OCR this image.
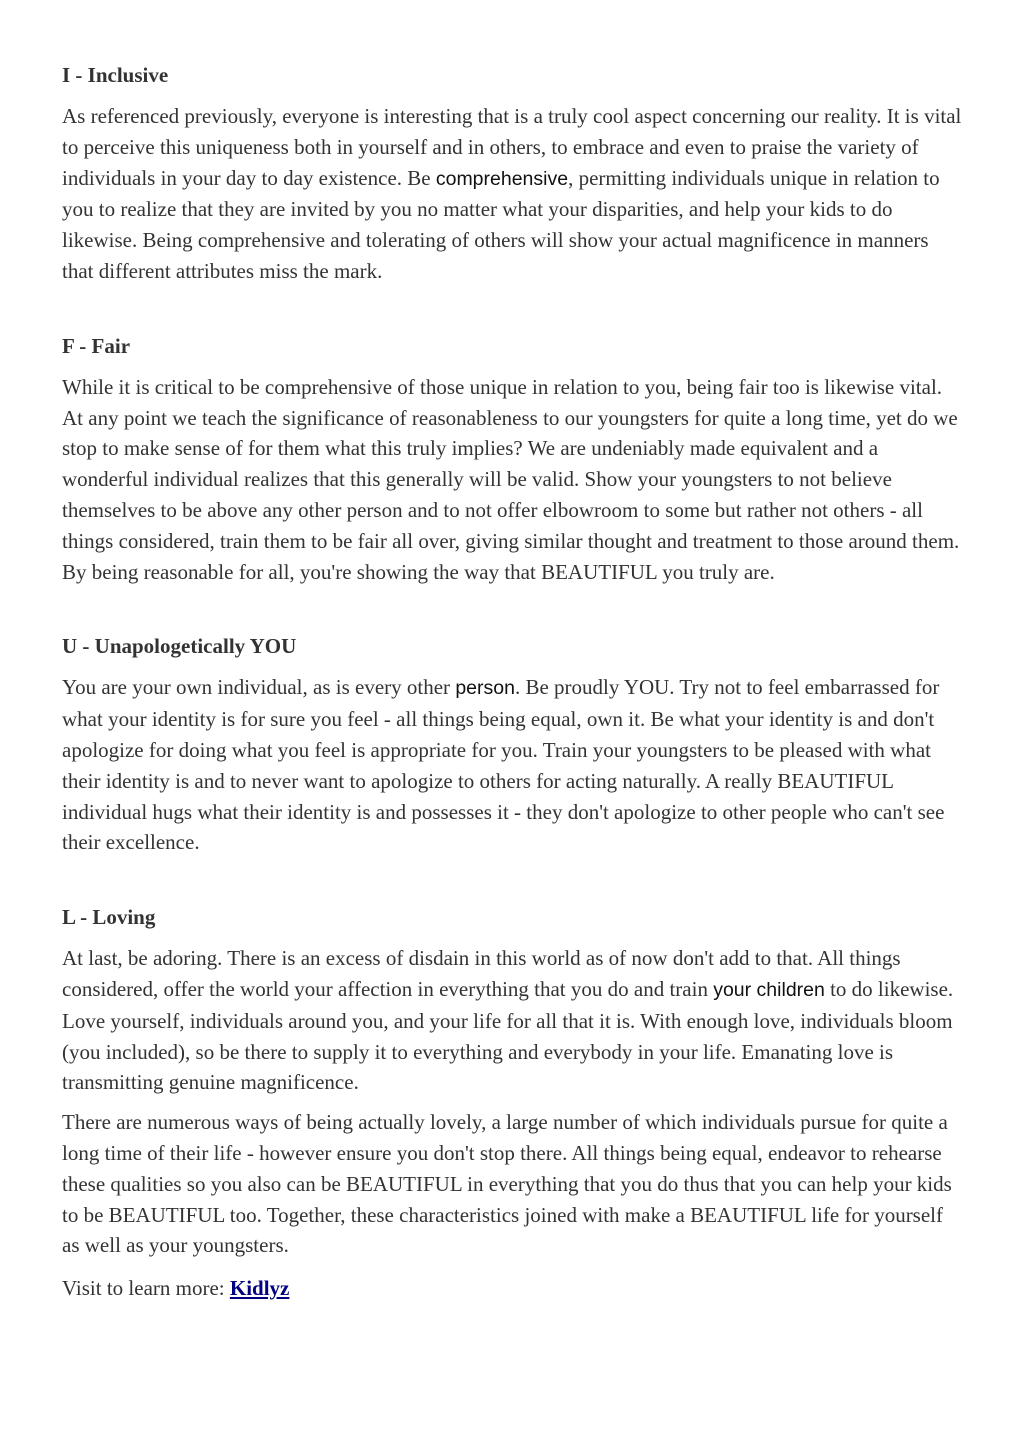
I - Inclusive

As referenced previously, everyone is interesting that is a truly cool aspect concerning our reality. It is vital to perceive this uniqueness both in yourself and in others, to embrace and even to praise the variety of individuals in your day to day existence. Be comprehensive, permitting individuals unique in relation to you to realize that they are invited by you no matter what your disparities, and help your kids to do likewise. Being comprehensive and tolerating of others will show your actual magnificence in manners that different attributes miss the mark.

F - Fair

While it is critical to be comprehensive of those unique in relation to you, being fair too is likewise vital. At any point we teach the significance of reasonableness to our youngsters for quite a long time, yet do we stop to make sense of for them what this truly implies? We are undeniably made equivalent and a wonderful individual realizes that this generally will be valid. Show your youngsters to not believe themselves to be above any other person and to not offer elbowroom to some but rather not others - all things considered, train them to be fair all over, giving similar thought and treatment to those around them. By being reasonable for all, you're showing the way that BEAUTIFUL you truly are.

U - Unapologetically YOU

You are your own individual, as is every other person. Be proudly YOU. Try not to feel embarrassed for what your identity is for sure you feel - all things being equal, own it. Be what your identity is and don't apologize for doing what you feel is appropriate for you. Train your youngsters to be pleased with what their identity is and to never want to apologize to others for acting naturally. A really BEAUTIFUL individual hugs what their identity is and possesses it - they don't apologize to other people who can't see their excellence.

L - Loving

At last, be adoring. There is an excess of disdain in this world as of now don't add to that. All things considered, offer the world your affection in everything that you do and train your children to do likewise. Love yourself, individuals around you, and your life for all that it is. With enough love, individuals bloom (you included), so be there to supply it to everything and everybody in your life. Emanating love is transmitting genuine magnificence.

There are numerous ways of being actually lovely, a large number of which individuals pursue for quite a long time of their life - however ensure you don't stop there. All things being equal, endeavor to rehearse these qualities so you also can be BEAUTIFUL in everything that you do thus that you can help your kids to be BEAUTIFUL too. Together, these characteristics joined with make a BEAUTIFUL life for yourself as well as your youngsters.

Visit to learn more: Kidlyz
